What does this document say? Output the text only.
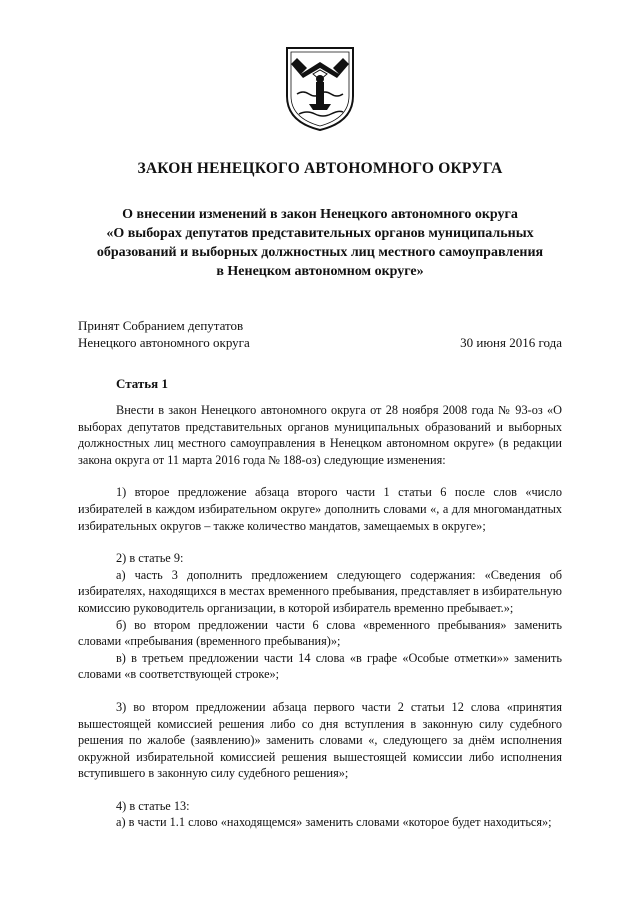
ЗАКОН НЕНЕЦКОГО АВТОНОМНОГО ОКРУГА
О внесении изменений в закон Ненецкого автономного округа
«О выборах депутатов представительных органов муниципальных
образований и выборных должностных лиц местного самоуправления
в Ненецком автономном округе»
Принят Собранием депутатов
Ненецкого автономного округа	30 июня 2016 года
Статья 1

Внести в закон Ненецкого автономного округа от 28 ноября 2008 года № 93-оз «О выборах депутатов представительных органов муниципальных образований и выборных должностных лиц местного самоуправления в Ненецком автономном округе» (в редакции закона округа от 11 марта 2016 года № 188-оз) следующие изменения:

1) второе предложение абзаца второго части 1 статьи 6 после слов «число избирателей в каждом избирательном округе» дополнить словами «, а для многомандатных избирательных округов – также количество мандатов, замещаемых в округе»;

2) в статье 9:

а) часть 3 дополнить предложением следующего содержания: «Сведения об избирателях, находящихся в местах временного пребывания, представляет в избирательную комиссию руководитель организации, в которой избиратель временно пребывает.»;

б) во втором предложении части 6 слова «временного пребывания» заменить словами «пребывания (временного пребывания)»;

в) в третьем предложении части 14 слова «в графе «Особые отметки»» заменить словами «в соответствующей строке»;

3) во втором предложении абзаца первого части 2 статьи 12 слова «принятия вышестоящей комиссией решения либо со дня вступления в законную силу судебного решения по жалобе (заявлению)» заменить словами «, следующего за днём исполнения окружной избирательной комиссией решения вышестоящей комиссии либо исполнения вступившего в законную силу судебного решения»;

4) в статье 13:

а) в части 1.1 слово «находящемся» заменить словами «которое будет находиться»;
